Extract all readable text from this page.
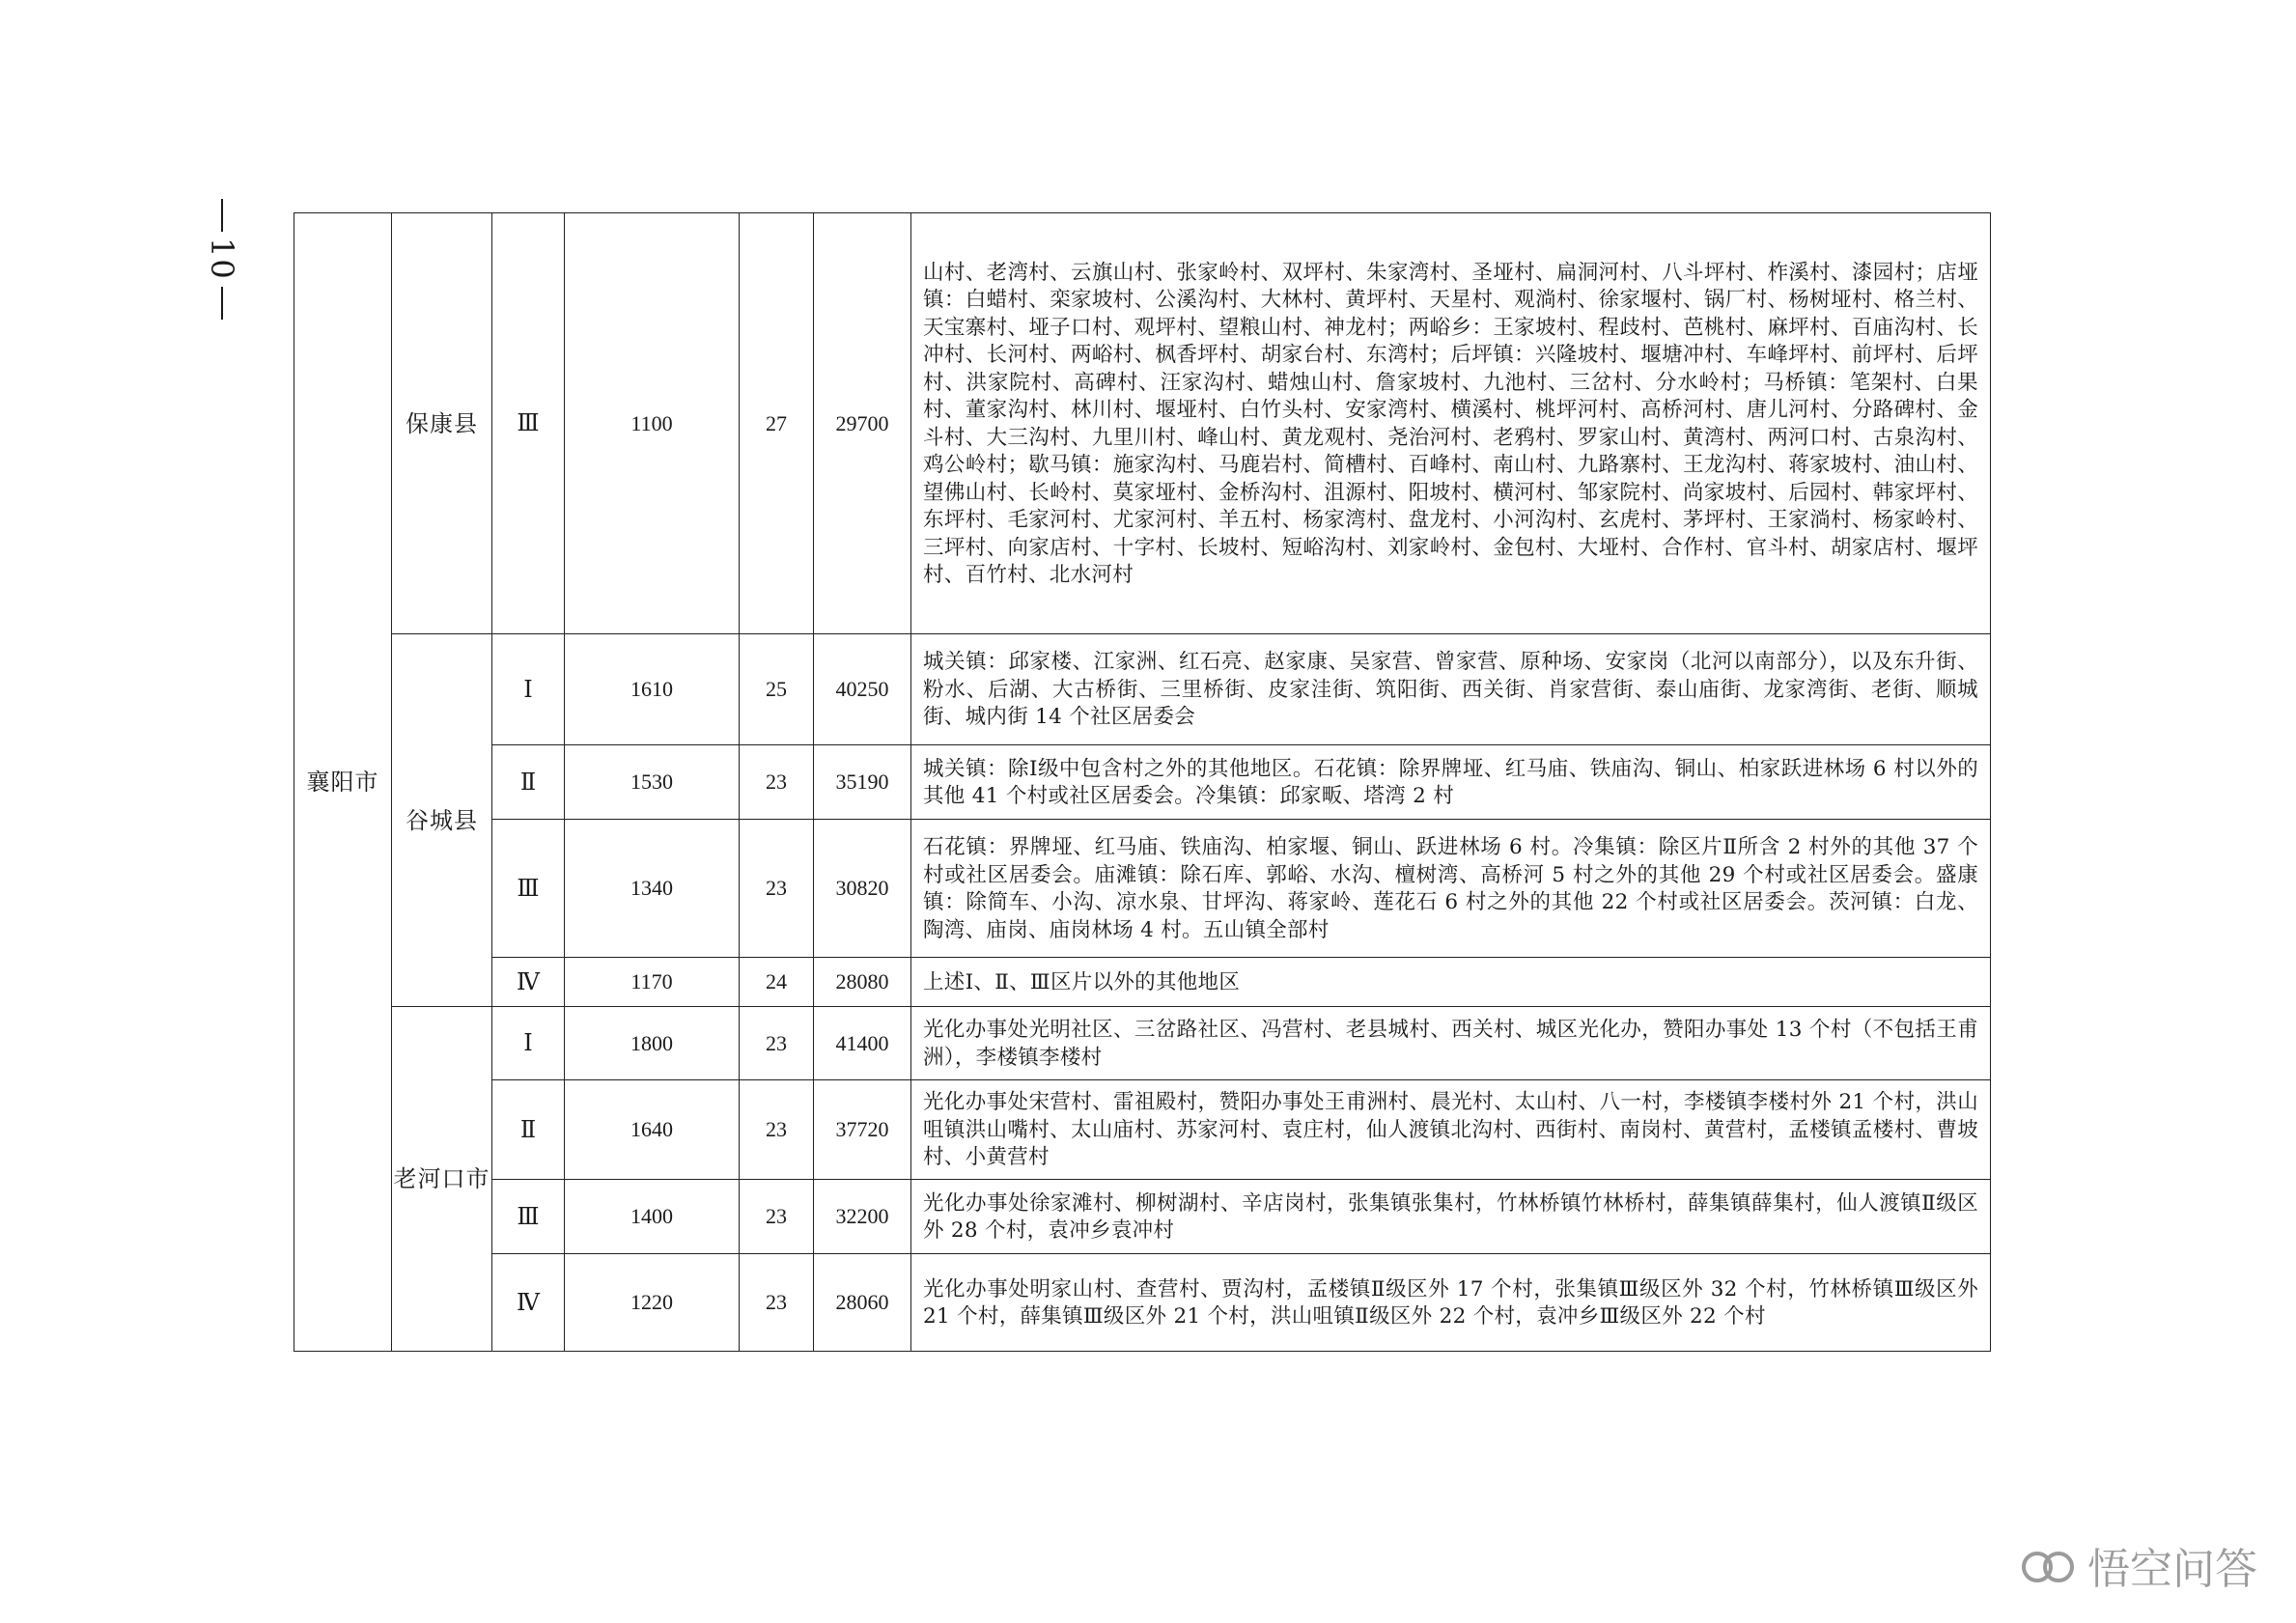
10
襄阳市	保康县	Ⅲ	1100	27	29700	山村、老湾村、云旗山村、张家岭村、双坪村、朱家湾村、圣垭村、扁洞河村、八斗坪村、柞溪村、漆园村；店垭镇：白蜡村、栾家坡村、公溪沟村、大林村、黄坪村、天星村、观淌村、徐家堰村、锅厂村、杨树垭村、格兰村、天宝寨村、垭子口村、观坪村、望粮山村、神龙村；两峪乡：王家坡村、程歧村、芭桃村、麻坪村、百庙沟村、长冲村、长河村、两峪村、枫香坪村、胡家台村、东湾村；后坪镇：兴隆坡村、堰塘冲村、车峰坪村、前坪村、后坪村、洪家院村、高碑村、汪家沟村、蜡烛山村、詹家坡村、九池村、三岔村、分水岭村；马桥镇：笔架村、白果村、董家沟村、林川村、堰垭村、白竹头村、安家湾村、横溪村、桃坪河村、高桥河村、唐儿河村、分路碑村、金斗村、大三沟村、九里川村、峰山村、黄龙观村、尧治河村、老鸦村、罗家山村、黄湾村、两河口村、古泉沟村、鸡公岭村；歇马镇：施家沟村、马鹿岩村、简槽村、百峰村、南山村、九路寨村、王龙沟村、蒋家坡村、油山村、望佛山村、长岭村、莫家垭村、金桥沟村、沮源村、阳坡村、横河村、邹家院村、尚家坡村、后园村、韩家坪村、东坪村、毛家河村、尤家河村、羊五村、杨家湾村、盘龙村、小河沟村、玄虎村、茅坪村、王家淌村、杨家岭村、三坪村、向家店村、十字村、长坡村、短峪沟村、刘家岭村、金包村、大垭村、合作村、官斗村、胡家店村、堰坪村、百竹村、北水河村
	谷城县	Ⅰ	1610	25	40250	城关镇：邱家楼、江家洲、红石亮、赵家康、吴家营、曾家营、原种场、安家岗（北河以南部分），以及东升街、粉水、后湖、大古桥街、三里桥街、皮家洼街、筑阳街、西关街、肖家营街、泰山庙街、龙家湾街、老街、顺城街、城内街 14 个社区居委会
		Ⅱ	1530	23	35190	城关镇：除Ⅰ级中包含村之外的其他地区。石花镇：除界牌垭、红马庙、铁庙沟、铜山、柏家跃进林场 6 村以外的其他 41 个村或社区居委会。冷集镇：邱家畈、塔湾 2 村
		Ⅲ	1340	23	30820	石花镇：界牌垭、红马庙、铁庙沟、柏家堰、铜山、跃进林场 6 村。冷集镇：除区片Ⅱ所含 2 村外的其他 37 个村或社区居委会。庙滩镇：除石库、郭峪、水沟、檀树湾、高桥河 5 村之外的其他 29 个村或社区居委会。盛康镇：除简车、小沟、凉水泉、甘坪沟、蒋家岭、莲花石 6 村之外的其他 22 个村或社区居委会。茨河镇：白龙、陶湾、庙岗、庙岗林场 4 村。五山镇全部村
		Ⅳ	1170	24	28080	上述Ⅰ、Ⅱ、Ⅲ区片以外的其他地区
	老河口市	Ⅰ	1800	23	41400	光化办事处光明社区、三岔路社区、冯营村、老县城村、西关村、城区光化办，赞阳办事处 13 个村（不包括王甫洲），李楼镇李楼村
		Ⅱ	1640	23	37720	光化办事处宋营村、雷祖殿村，赞阳办事处王甫洲村、晨光村、太山村、八一村，李楼镇李楼村外 21 个村，洪山咀镇洪山嘴村、太山庙村、苏家河村、袁庄村，仙人渡镇北沟村、西街村、南岗村、黄营村，孟楼镇孟楼村、曹坡村、小黄营村
		Ⅲ	1400	23	32200	光化办事处徐家滩村、柳树湖村、辛店岗村，张集镇张集村，竹林桥镇竹林桥村，薛集镇薛集村，仙人渡镇Ⅱ级区外 28 个村，袁冲乡袁冲村
		Ⅳ	1220	23	28060	光化办事处明家山村、查营村、贾沟村，孟楼镇Ⅱ级区外 17 个村，张集镇Ⅲ级区外 32 个村，竹林桥镇Ⅲ级区外 21 个村，薛集镇Ⅲ级区外 21 个村，洪山咀镇Ⅱ级区外 22 个村，袁冲乡Ⅲ级区外 22 个村
悟空问答
